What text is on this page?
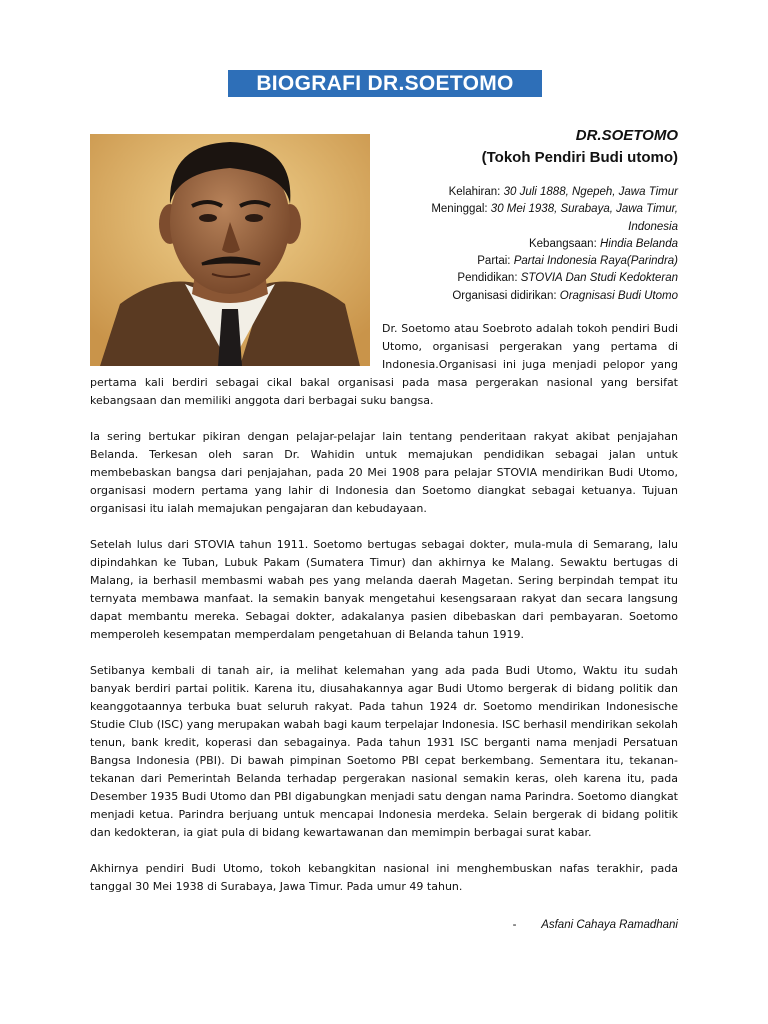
BIOGRAFI DR.SOETOMO
DR.SOETOMO
(Tokoh Pendiri Budi utomo)
Kelahiran: 30 Juli 1888, Ngepeh, Jawa Timur
Meninggal: 30 Mei 1938, Surabaya, Jawa Timur,
Indonesia
Kebangsaan: Hindia Belanda
Partai: Partai Indonesia Raya(Parindra)
Pendidikan: STOVIA Dan Studi Kedokteran
Organisasi didirikan: Oragnisasi Budi Utomo

Dr. Soetomo atau Soebroto adalah tokoh pendiri Budi Utomo, organisasi pergerakan yang pertama di Indonesia.Organisasi ini juga menjadi pelopor yang pertama kali berdiri sebagai cikal bakal organisasi pada masa pergerakan nasional yang bersifat kebangsaan dan memiliki anggota dari berbagai suku bangsa.

Ia sering bertukar pikiran dengan pelajar-pelajar lain tentang penderitaan rakyat akibat penjajahan Belanda. Terkesan oleh saran Dr. Wahidin untuk memajukan pendidikan sebagai jalan untuk membebaskan bangsa dari penjajahan, pada 20 Mei 1908 para pelajar STOVIA mendirikan Budi Utomo, organisasi modern pertama yang lahir di Indonesia dan Soetomo diangkat sebagai ketuanya. Tujuan organisasi itu ialah memajukan pengajaran dan kebudayaan.

Setelah lulus dari STOVIA tahun 1911. Soetomo bertugas sebagai dokter, mula-mula di Semarang, lalu dipindahkan ke Tuban, Lubuk Pakam (Sumatera Timur) dan akhirnya ke Malang. Sewaktu bertugas di Malang, ia berhasil membasmi wabah pes yang melanda daerah Magetan. Sering berpindah tempat itu ternyata membawa manfaat. Ia semakin banyak mengetahui kesengsaraan rakyat dan secara langsung dapat membantu mereka. Sebagai dokter, adakalanya pasien dibebaskan dari pembayaran. Soetomo memperoleh kesempatan memperdalam pengetahuan di Belanda tahun 1919.

Setibanya kembali di tanah air, ia melihat kelemahan yang ada pada Budi Utomo, Waktu itu sudah banyak berdiri partai politik. Karena itu, diusahakannya agar Budi Utomo bergerak di bidang politik dan keanggotaannya terbuka buat seluruh rakyat. Pada tahun 1924 dr. Soetomo mendirikan Indonesische Studie Club (ISC) yang merupakan wabah bagi kaum terpelajar Indonesia. ISC berhasil mendirikan sekolah tenun, bank kredit, koperasi dan sebagainya. Pada tahun 1931 ISC berganti nama menjadi Persatuan Bangsa Indonesia (PBI). Di bawah pimpinan Soetomo PBI cepat berkembang. Sementara itu, tekanan-tekanan dari Pemerintah Belanda terhadap pergerakan nasional semakin keras, oleh karena itu, pada Desember 1935 Budi Utomo dan PBI digabungkan menjadi satu dengan nama Parindra. Soetomo diangkat menjadi ketua. Parindra berjuang untuk mencapai Indonesia merdeka. Selain bergerak di bidang politik dan kedokteran, ia giat pula di bidang kewartawanan dan memimpin berbagai surat kabar.

Akhirnya pendiri Budi Utomo, tokoh kebangkitan nasional ini menghembuskan nafas terakhir, pada tanggal 30 Mei 1938 di Surabaya, Jawa Timur. Pada umur 49 tahun.

- Asfani Cahaya Ramadhani
